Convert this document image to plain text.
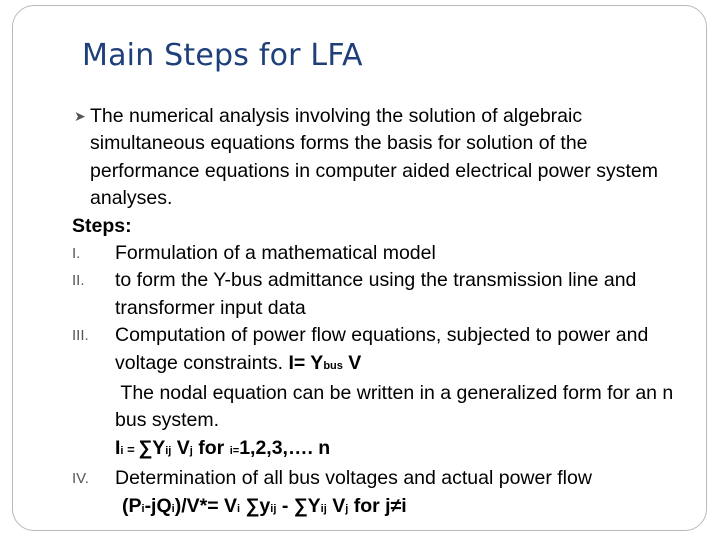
Main Steps for LFA

➤ The numerical analysis involving the solution of algebraic simultaneous equations forms the basis for solution of the performance equations in computer aided electrical power system analyses.

Steps:

I. Formulation of a mathematical model

II. to form the Y-bus admittance using the transmission line and transformer input data

III. Computation of power flow equations, subjected to power and voltage constraints. I= Ybus V

The nodal equation can be written in a generalized form for an n bus system.

Ii = ∑Yij Vj for i=1,2,3,…. n

IV. Determination of all bus voltages and actual power flow

(Pi-jQi)/V*= Vi ∑yij - ∑Yij Vj for j≠i
